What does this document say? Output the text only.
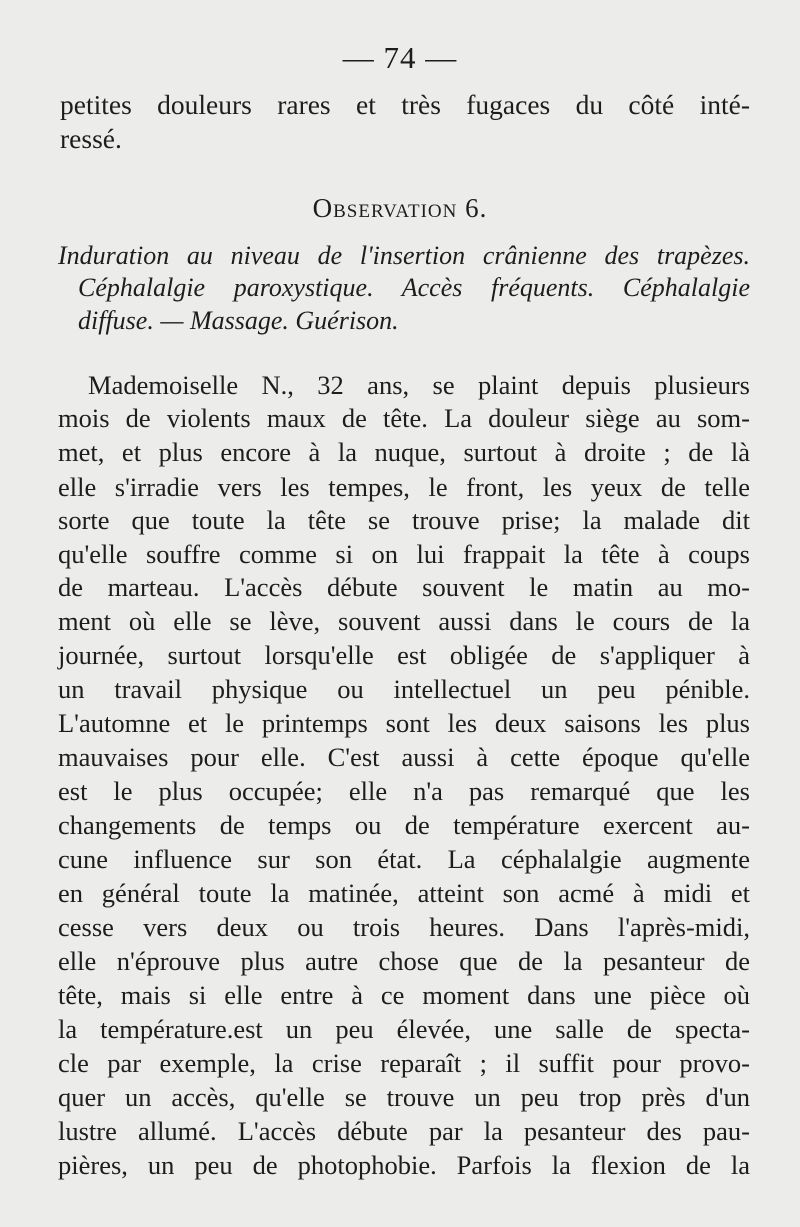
— 74 —
petites douleurs rares et très fugaces du côté inté-
ressé.
Observation 6.
Induration au niveau de l'insertion crânienne des trapèzes.
Céphalalgie paroxystique. Accès fréquents. Céphalalgie
diffuse. — Massage. Guérison.
Mademoiselle N., 32 ans, se plaint depuis plusieurs
mois de violents maux de tête. La douleur siège au som-
met, et plus encore à la nuque, surtout à droite ; de là
elle s'irradie vers les tempes, le front, les yeux de telle
sorte que toute la tête se trouve prise; la malade dit
qu'elle souffre comme si on lui frappait la tête à coups
de marteau. L'accès débute souvent le matin au mo-
ment où elle se lève, souvent aussi dans le cours de la
journée, surtout lorsqu'elle est obligée de s'appliquer à
un travail physique ou intellectuel un peu pénible.
L'automne et le printemps sont les deux saisons les plus
mauvaises pour elle. C'est aussi à cette époque qu'elle
est le plus occupée; elle n'a pas remarqué que les
changements de temps ou de température exercent au-
cune influence sur son état. La céphalalgie augmente
en général toute la matinée, atteint son acmé à midi et
cesse vers deux ou trois heures. Dans l'après-midi,
elle n'éprouve plus autre chose que de la pesanteur de
tête, mais si elle entre à ce moment dans une pièce où
la température.est un peu élevée, une salle de specta-
cle par exemple, la crise reparaît ; il suffit pour provo-
quer un accès, qu'elle se trouve un peu trop près d'un
lustre allumé. L'accès débute par la pesanteur des pau-
pières, un peu de photophobie. Parfois la flexion de la
